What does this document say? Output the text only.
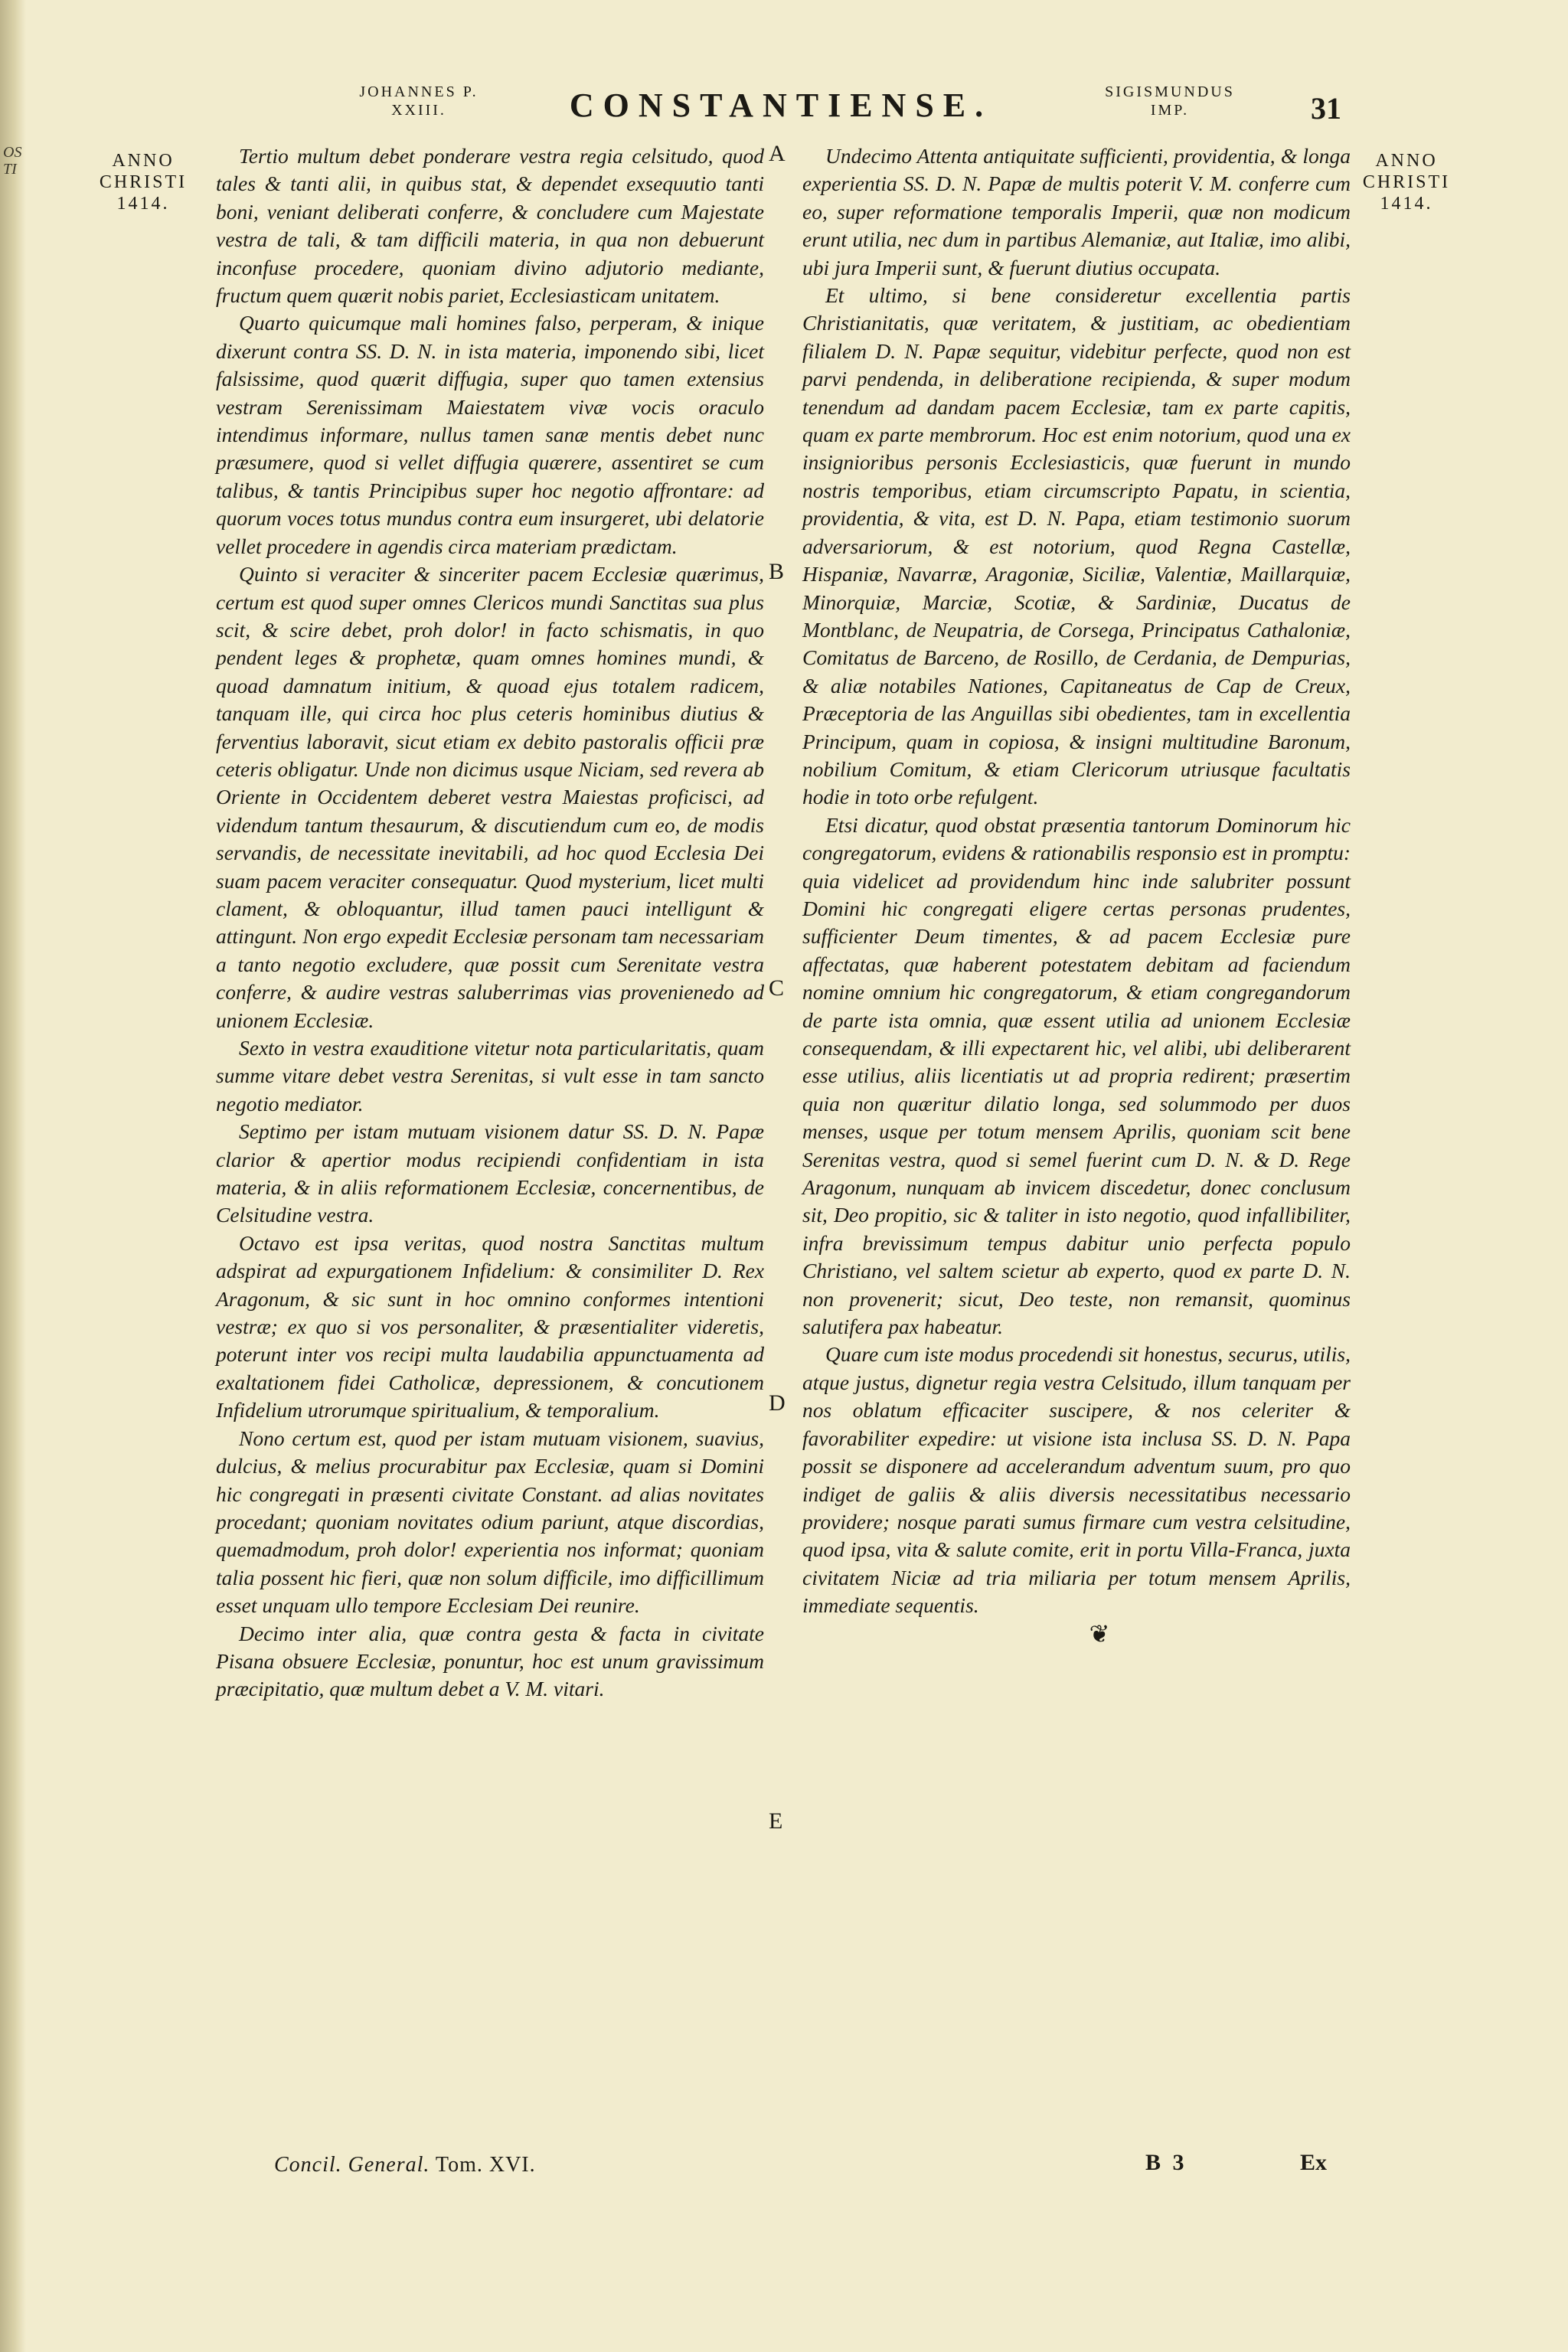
OS TI
JOHANNES P. XXIII.	CONSTANTIENSE.	SIGISMUNDUS IMP.	31
ANNO CHRISTI 1414.
ANNO CHRISTI 1414.

Tertio multum debet ponderare vestra regia celsitudo, quod tales & tanti alii, in quibus stat, & dependet exsequutio tanti boni, veniant deliberati conferre, & concludere cum Majestate vestra de tali, & tam difficili materia, in qua non debuerunt inconfuse procedere, quoniam divino adjutorio mediante, fructum quem quærit nobis pariet, Ecclesiasticam unitatem.

Quarto quicumque mali homines falso, perperam, & inique dixerunt contra SS. D. N. in ista materia, imponendo sibi, licet falsissime, quod quærit diffugia, super quo tamen extensius vestram Serenissimam Maiestatem vivæ vocis oraculo intendimus informare, nullus tamen sanæ mentis debet nunc præsumere, quod si vellet diffugia quærere, assentiret se cum talibus, & tantis Principibus super hoc negotio affrontare: ad quorum voces totus mundus contra eum insurgeret, ubi delatorie vellet procedere in agendis circa materiam prædictam.

Quinto si veraciter & sinceriter pacem Ecclesiæ quærimus, certum est quod super omnes Clericos mundi Sanctitas sua plus scit, & scire debet, proh dolor! in facto schismatis, in quo pendent leges & prophetæ, quam omnes homines mundi, & quoad damnatum initium, & quoad ejus totalem radicem, tanquam ille, qui circa hoc plus ceteris hominibus diutius & ferventius laboravit, sicut etiam ex debito pastoralis officii præ ceteris obligatur. Unde non dicimus usque Niciam, sed revera ab Oriente in Occidentem deberet vestra Maiestas proficisci, ad videndum tantum thesaurum, & discutiendum cum eo, de modis servandis, de necessitate inevitabili, ad hoc quod Ecclesia Dei suam pacem veraciter consequatur. Quod mysterium, licet multi clament, & obloquantur, illud tamen pauci intelligunt & attingunt. Non ergo expedit Ecclesiæ personam tam necessariam a tanto negotio excludere, quæ possit cum Serenitate vestra conferre, & audire vestras saluberrimas vias provenienedo ad unionem Ecclesiæ.

Sexto in vestra exauditione vitetur nota particularitatis, quam summe vitare debet vestra Serenitas, si vult esse in tam sancto negotio mediator.

Septimo per istam mutuam visionem datur SS. D. N. Papæ clarior & apertior modus recipiendi confidentiam in ista materia, & in aliis reformationem Ecclesiæ, concernentibus, de Celsitudine vestra.

Octavo est ipsa veritas, quod nostra Sanctitas multum adspirat ad expurgationem Infidelium: & consimiliter D. Rex Aragonum, & sic sunt in hoc omnino conformes intentioni vestræ; ex quo si vos personaliter, & præsentialiter videretis, poterunt inter vos recipi multa laudabilia appunctuamenta ad exaltationem fidei Catholicæ, depressionem, & concutionem Infidelium utrorumque spiritualium, & temporalium.

Nono certum est, quod per istam mutuam visionem, suavius, dulcius, & melius procurabitur pax Ecclesiæ, quam si Domini hic congregati in præsenti civitate Constant. ad alias novitates procedant; quoniam novitates odium pariunt, atque discordias, quemadmodum, proh dolor! experientia nos informat; quoniam talia possent hic fieri, quæ non solum difficile, imo difficillimum esset unquam ullo tempore Ecclesiam Dei reunire.

Decimo inter alia, quæ contra gesta & facta in civitate Pisana obsuere Ecclesiæ, ponuntur, hoc est unum gravissimum præcipitatio, quæ multum debet a V. M. vitari.

A
B
C
D
E

Undecimo Attenta antiquitate sufficienti, providentia, & longa experientia SS. D. N. Papæ de multis poterit V. M. conferre cum eo, super reformatione temporalis Imperii, quæ non modicum erunt utilia, nec dum in partibus Alemaniæ, aut Italiæ, imo alibi, ubi jura Imperii sunt, & fuerunt diutius occupata.

Et ultimo, si bene consideretur excellentia partis Christianitatis, quæ veritatem, & justitiam, ac obedientiam filialem D. N. Papæ sequitur, videbitur perfecte, quod non est parvi pendenda, in deliberatione recipienda, & super modum tenendum ad dandam pacem Ecclesiæ, tam ex parte capitis, quam ex parte membrorum. Hoc est enim notorium, quod una ex insignioribus personis Ecclesiasticis, quæ fuerunt in mundo nostris temporibus, etiam circumscripto Papatu, in scientia, providentia, & vita, est D. N. Papa, etiam testimonio suorum adversariorum, & est notorium, quod Regna Castellæ, Hispaniæ, Navarræ, Aragoniæ, Siciliæ, Valentiæ, Maillarquiæ, Minorquiæ, Marciæ, Scotiæ, & Sardiniæ, Ducatus de Montblanc, de Neupatria, de Corsega, Principatus Cathaloniæ, Comitatus de Barceno, de Rosillo, de Cerdania, de Dempurias, & aliæ notabiles Nationes, Capitaneatus de Cap de Creux, Præceptoria de las Anguillas sibi obedientes, tam in excellentia Principum, quam in copiosa, & insigni multitudine Baronum, nobilium Comitum, & etiam Clericorum utriusque facultatis hodie in toto orbe refulgent.

Etsi dicatur, quod obstat præsentia tantorum Dominorum hic congregatorum, evidens & rationabilis responsio est in promptu: quia videlicet ad providendum hinc inde salubriter possunt Domini hic congregati eligere certas personas prudentes, sufficienter Deum timentes, & ad pacem Ecclesiæ pure affectatas, quæ haberent potestatem debitam ad faciendum nomine omnium hic congregatorum, & etiam congregandorum de parte ista omnia, quæ essent utilia ad unionem Ecclesiæ consequendam, & illi expectarent hic, vel alibi, ubi deliberarent esse utilius, aliis licentiatis ut ad propria redirent; præsertim quia non quæritur dilatio longa, sed solummodo per duos menses, usque per totum mensem Aprilis, quoniam scit bene Serenitas vestra, quod si semel fuerint cum D. N. & D. Rege Aragonum, nunquam ab invicem discedetur, donec conclusum sit, Deo propitio, sic & taliter in isto negotio, quod infallibiliter, infra brevissimum tempus dabitur unio perfecta populo Christiano, vel saltem scietur ab experto, quod ex parte D. N. non provenerit; sicut, Deo teste, non remansit, quominus salutifera pax habeatur.

Quare cum iste modus procedendi sit honestus, securus, utilis, atque justus, dignetur regia vestra Celsitudo, illum tanquam per nos oblatum efficaciter suscipere, & nos celeriter & favorabiliter expedire: ut visione ista inclusa SS. D. N. Papa possit se disponere ad accelerandum adventum suum, pro quo indiget de galiis & aliis diversis necessitatibus necessario providere; nosque parati sumus firmare cum vestra celsitudine, quod ipsa, vita & salute comite, erit in portu Villa-Franca, juxta civitatem Niciæ ad tria miliaria per totum mensem Aprilis, immediate sequentis.

❦

Concil. General. Tom. XVI.	B 3	Ex
